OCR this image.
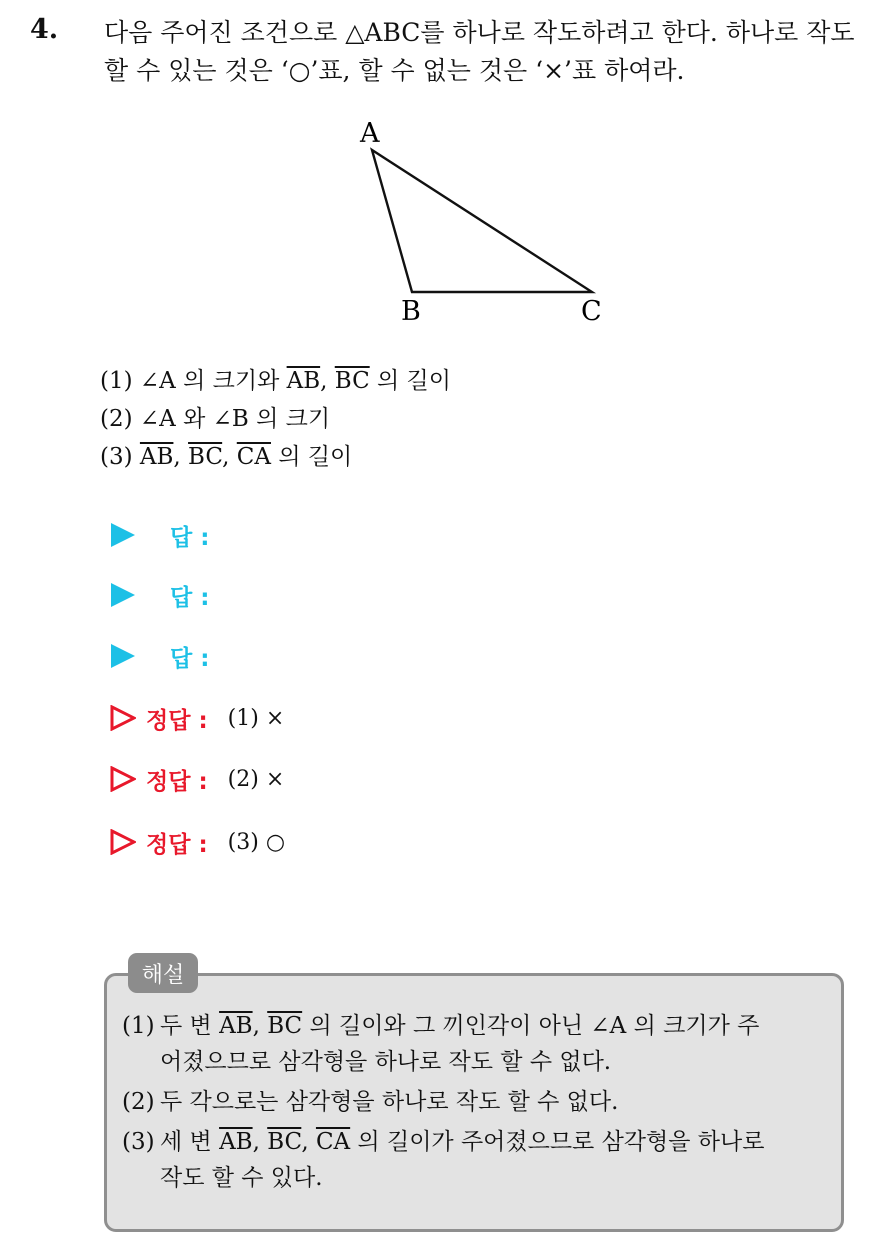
4. 다음 주어진 조건으로 △ABC를 하나로 작도하려고 한다. 하나로 작도
할 수 있는 것은 ‘○’표, 할 수 없는 것은 ‘×’표 하여라.
A
B	C
(1) ∠A 의 크기와 $\overline{AB}$, $\overline{BC}$ 의 길이
(2) ∠A 와 ∠B 의 크기
(3) $\overline{AB}$, $\overline{BC}$, $\overline{CA}$ 의 길이
답 :
답 :
답 :
정답 : (1) ×
정답 : (2) ×
정답 : (3) ○
해설
(1) 두 변 $\overline{AB}$, $\overline{BC}$ 의 길이와 그 끼인각이 아닌 ∠A 의 크기가 주
어졌으므로 삼각형을 하나로 작도 할 수 없다.
(2) 두 각으로는 삼각형을 하나로 작도 할 수 없다.
(3) 세 변 $\overline{AB}$, $\overline{BC}$, $\overline{CA}$ 의 길이가 주어졌으므로 삼각형을 하나로
작도 할 수 있다.
